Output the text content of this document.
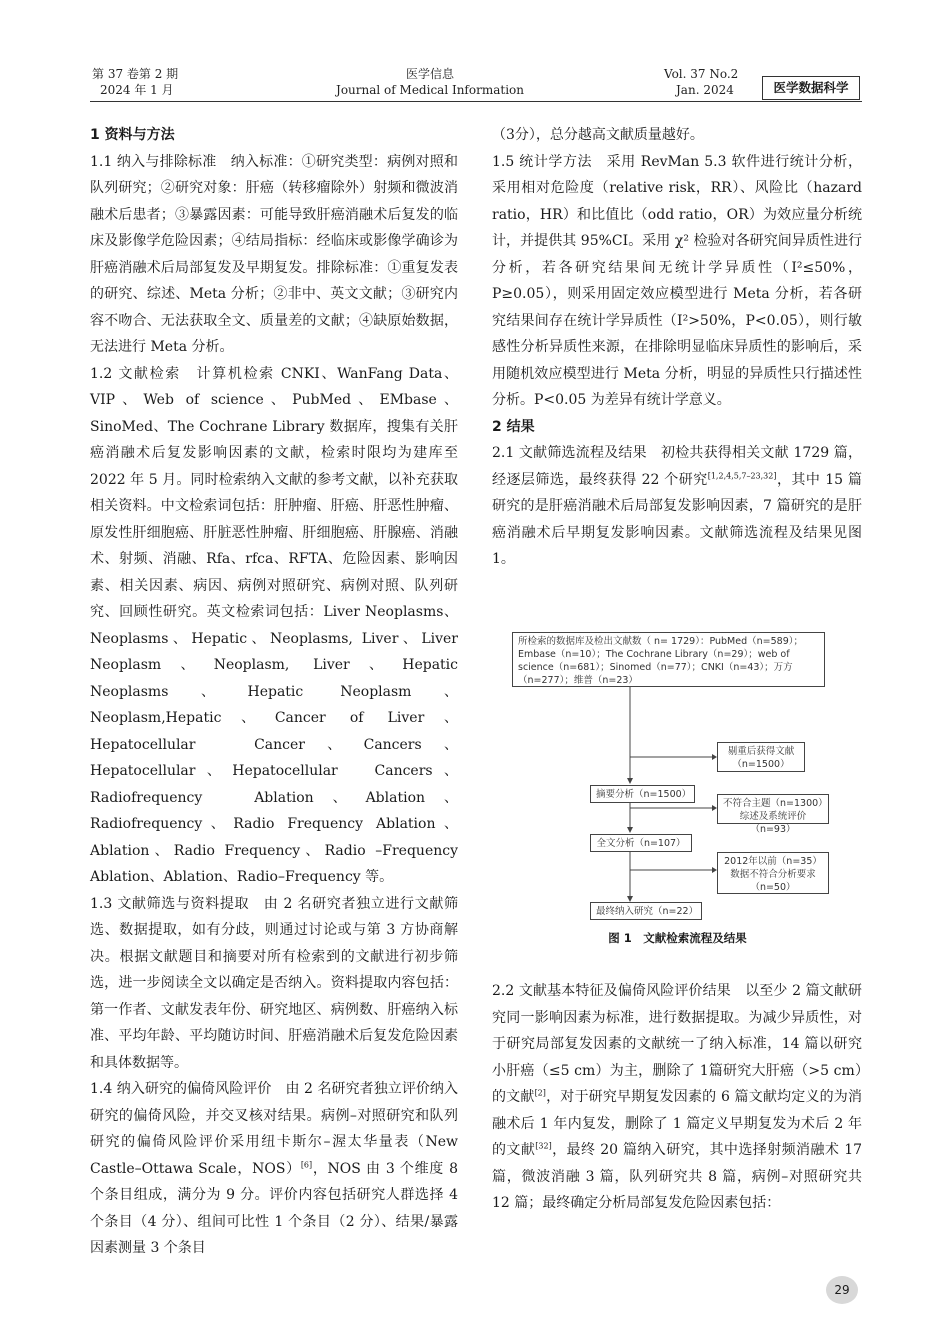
第 37 卷第 2 期
2024 年 1 月
医学信息
Journal of Medical Information
Vol. 37 No.2
Jan. 2024	医学数据科学

1 资料与方法

1.1 纳入与排除标准　纳入标准：①研究类型：病例对照和队列研究；②研究对象：肝癌（转移瘤除外）射频和微波消融术后患者；③暴露因素：可能导致肝癌消融术后复发的临床及影像学危险因素；④结局指标：经临床或影像学确诊为肝癌消融术后局部复发及早期复发。排除标准：①重复发表的研究、综述、Meta 分析；②非中、英文文献；③研究内容不吻合、无法获取全文、质量差的文献；④缺原始数据，无法进行 Meta 分析。

1.2 文献检索　计算机检索 CNKI、WanFang Data、VIP、Web of science、PubMed、EMbase、SinoMed、The Cochrane Library 数据库，搜集有关肝癌消融术后复发影响因素的文献，检索时限均为建库至 2022 年 5 月。同时检索纳入文献的参考文献，以补充获取相关资料。中文检索词包括：肝肿瘤、肝癌、肝恶性肿瘤、原发性肝细胞癌、肝脏恶性肿瘤、肝细胞癌、肝腺癌、消融术、射频、消融、Rfa、rfca、RFTA、危险因素、影响因素、相关因素、病因、病例对照研究、病例对照、队列研究、回顾性研究。英文检索词包括：Liver Neoplasms、Neoplasms、Hepatic、Neoplasms, Liver、Liver Neoplasm、Neoplasm, Liver、Hepatic Neoplasms、Hepatic Neoplasm、Neoplasm,Hepatic、Cancer of Liver、Hepatocellular　Cancer、Cancers、Hepatocellular、Hepatocellular　Cancers、Radiofrequency　Ablation、Ablation、Radiofrequency、Radio Frequency Ablation、Ablation、Radio Frequency、Radio –Frequency Ablation、Ablation、Radio–Frequency 等。

1.3 文献筛选与资料提取　由 2 名研究者独立进行文献筛选、数据提取，如有分歧，则通过讨论或与第 3 方协商解决。根据文献题目和摘要对所有检索到的文献进行初步筛选，进一步阅读全文以确定是否纳入。资料提取内容包括：第一作者、文献发表年份、研究地区、病例数、肝癌纳入标准、平均年龄、平均随访时间、肝癌消融术后复发危险因素和具体数据等。

1.4 纳入研究的偏倚风险评价　由 2 名研究者独立评价纳入研究的偏倚风险，并交叉核对结果。病例–对照研究和队列研究的偏倚风险评价采用纽卡斯尔–渥太华量表（New Castle–Ottawa Scale，NOS）[6]，NOS 由 3 个维度 8 个条目组成，满分为 9 分。评价内容包括研究人群选择 4 个条目（4 分）、组间可比性 1 个条目（2 分）、结果/暴露因素测量 3 个条目

（3分），总分越高文献质量越好。

1.5 统计学方法　采用 RevMan 5.3 软件进行统计分析，采用相对危险度（relative risk，RR）、风险比（hazard ratio，HR）和比值比（odd ratio，OR）为效应量分析统计，并提供其 95%CI。采用 χ² 检验对各研究间异质性进行分析，若各研究结果间无统计学异质性（I²≤50%，P≥0.05），则采用固定效应模型进行 Meta 分析，若各研究结果间存在统计学异质性（I²>50%，P<0.05），则行敏感性分析异质性来源，在排除明显临床异质性的影响后，采用随机效应模型进行 Meta 分析，明显的异质性只行描述性分析。P<0.05 为差异有统计学意义。

2 结果

2.1 文献筛选流程及结果　初检共获得相关文献 1729 篇，经逐层筛选，最终获得 22 个研究[1,2,4,5,7–23,32]，其中 15 篇研究的是肝癌消融术后局部复发影响因素，7 篇研究的是肝癌消融术后早期复发影响因素。文献筛选流程及结果见图 1。

所检索的数据库及检出文献数（ n= 1729）：PubMed（n=589）；Embase（n=10）；The Cochrane Library（n=29）；web of science（n=681）；Sinomed（n=77）；CNKI（n=43）；万方（n=277）；维普（n=23）
剔重后获得文献（n=1500）
摘要分析（n=1500）
不符合主题（n=1300）
综述及系统评价（n=93）
全文分析（n=107）
2012年以前（n=35）
数据不符合分析要求（n=50）
最终纳入研究（n=22）
图 1　文献检索流程及结果

2.2 文献基本特征及偏倚风险评价结果　以至少 2 篇文献研究同一影响因素为标准，进行数据提取。为减少异质性，对于研究局部复发因素的文献统一了纳入标准，14 篇以研究小肝癌（≤5 cm）为主，删除了 1篇研究大肝癌（>5 cm）的文献[2]，对于研究早期复发因素的 6 篇文献均定义的为消融术后 1 年内复发，删除了 1 篇定义早期复发为术后 2 年的文献[32]，最终 20 篇纳入研究，其中选择射频消融术 17 篇，微波消融 3 篇，队列研究共 8 篇，病例–对照研究共 12 篇；最终确定分析局部复发危险因素包括：

29
